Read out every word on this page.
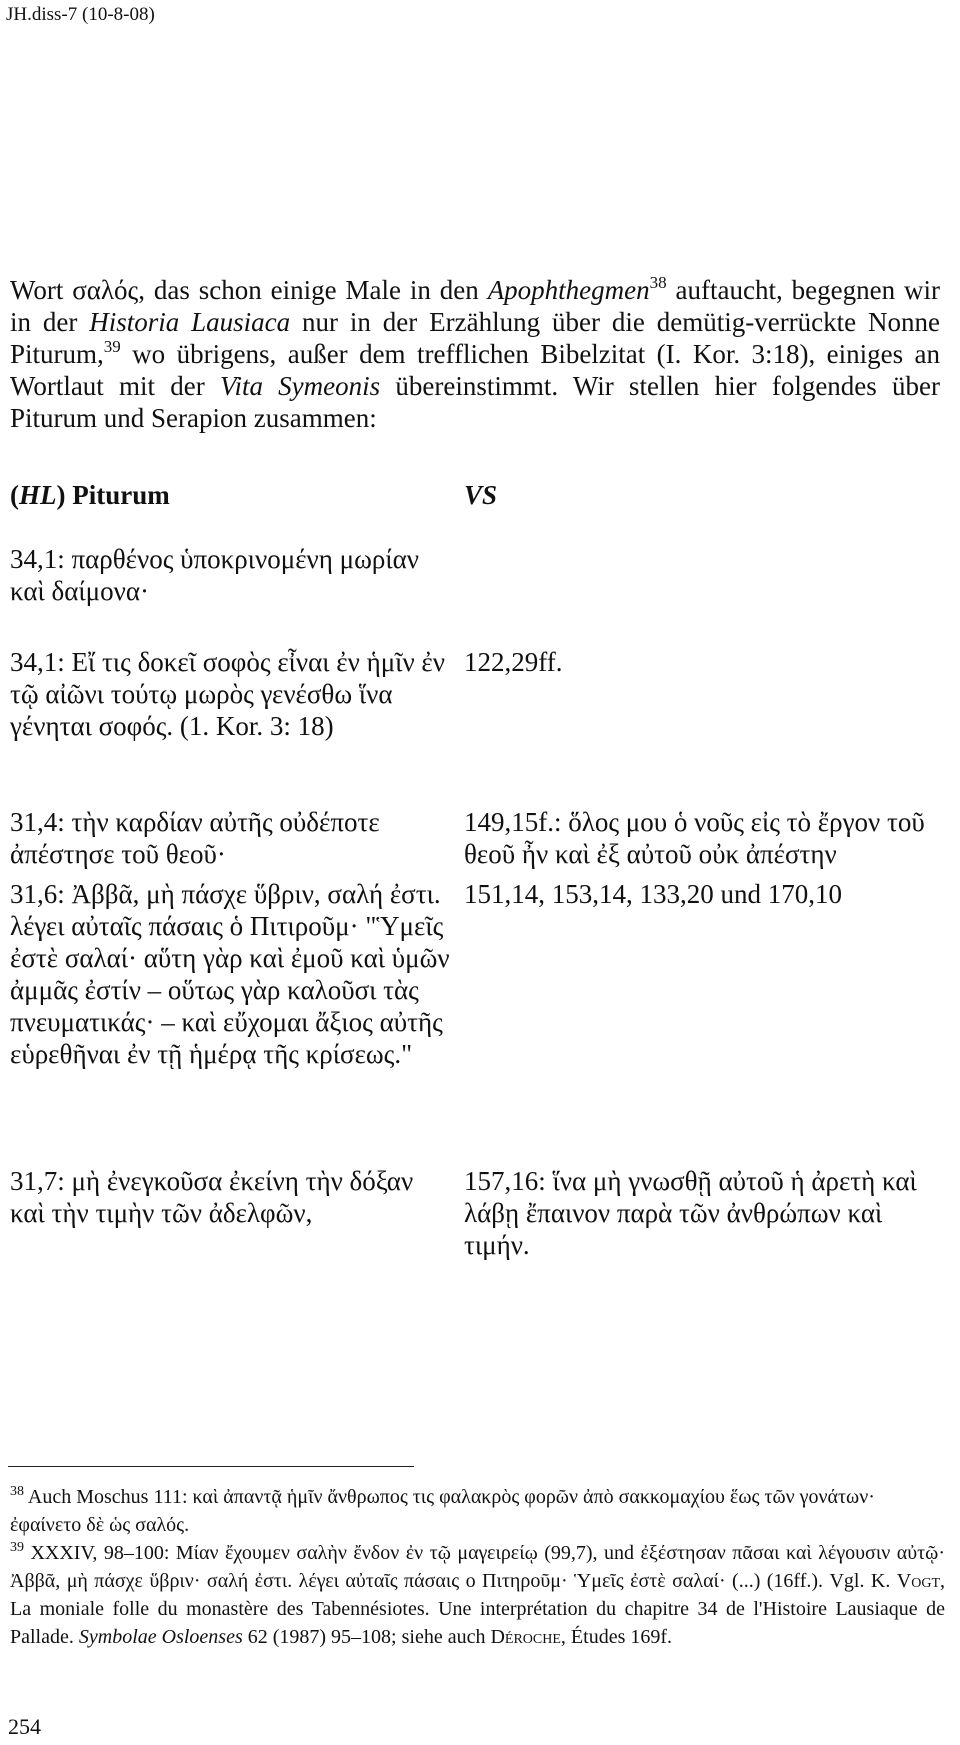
JH.diss-7 (10-8-08)

Wort σαλός, das schon einige Male in den Apophthegmen$^{38}$ auftaucht, begegnen wir in der Historia Lausiaca nur in der Erzählung über die demütig-verrückte Nonne Piturum,$^{39}$ wo übrigens, außer dem trefflichen Bibelzitat (I. Kor. 3:18), einiges an Wortlaut mit der Vita Symeonis übereinstimmt. Wir stellen hier folgendes über Piturum und Serapion zusammen:

(HL) Piturum	VS
34,1: παρθένος ὑποκρινομένη μωρίαν καὶ δαίμονα·
34,1: Εἴ τις δοκεῖ σοφὸς εἶναι ἐν ἡμῖν ἐν τῷ αἰῶνι τούτῳ μωρὸς γενέσθω ἵνα γένηται σοφός. (1. Kor. 3: 18)
122,29ff.
31,4: τὴν καρδίαν αὐτῆς οὐδέποτε ἀπέστησε τοῦ θεοῦ·
149,15f.: ὅλος μου ὁ νοῦς εἰς τὸ ἔργον τοῦ θεοῦ ἦν καὶ ἐξ αὐτοῦ οὐκ ἀπέστην
31,6: Ἀββᾶ, μὴ πάσχε ὕβριν, σαλή ἐστι. λέγει αὐταῖς πάσαις ὁ Πιτιροῦμ· "Ὑμεῖς ἐστὲ σαλαί· αὕτη γὰρ καὶ ἐμοῦ καὶ ὑμῶν ἀμμᾶς ἐστίν – οὕτως γὰρ καλοῦσι τὰς πνευματικάς· – καὶ εὔχομαι ἄξιος αὐτῆς εὑρεθῆναι ἐν τῇ ἡμέρᾳ τῆς κρίσεως."
151,14, 153,14, 133,20 und 170,10
31,7: μὴ ἐνεγκοῦσα ἐκείνη τὴν δόξαν καὶ τὴν τιμὴν τῶν ἀδελφῶν,
157,16: ἵνα μὴ γνωσθῇ αὐτοῦ ἡ ἀρετὴ καὶ λάβῃ ἔπαινον παρὰ τῶν ἀνθρώπων καὶ τιμήν.
$^{38}$ Auch Moschus 111: καὶ ἀπαντᾷ ἡμῖν ἄνθρωπος τις φαλακρὸς φορῶν ἀπὸ σακκομαχίου ἕως τῶν γονάτων· ἐφαίνετο δὲ ὡς σαλός.
$^{39}$ XXXIV, 98–100: Μίαν ἔχουμεν σαλὴν ἔνδον ἐν τῷ μαγειρείῳ (99,7), und ἐξέστησαν πᾶσαι καὶ λέγουσιν αὐτῷ· Ἀββᾶ, μὴ πάσχε ὕβριν· σαλή ἐστι. λέγει αὐταῖς πάσαις ο Πιτηροῦμ· Ὑμεῖς ἐστὲ σαλαί· (...) (16ff.). Vgl. K. Vogt, La moniale folle du monastère des Tabennésiotes. Une interprétation du chapitre 34 de l'Histoire Lausiaque de Pallade. Symbolae Osloenses 62 (1987) 95–108; siehe auch Déroche, Études 169f.
254
